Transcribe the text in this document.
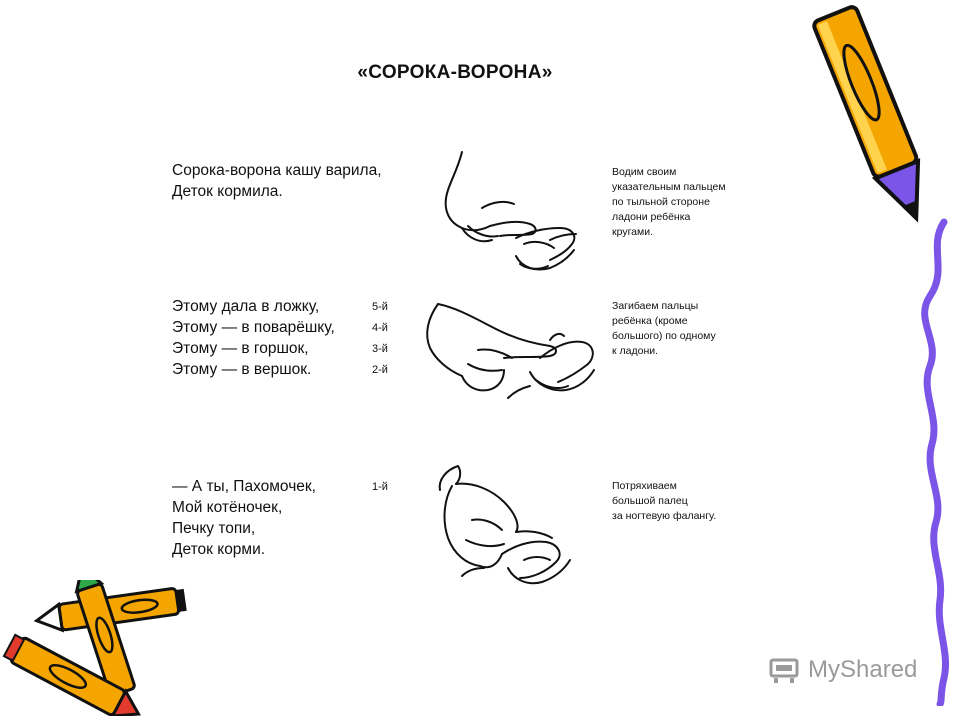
«СОРОКА-ВОРОНА»
Сорока-ворона кашу варила,
Деток кормила.
Водим своим
указательным пальцем
по тыльной стороне
ладони ребёнка
кругами.
Этому дала в ложку,
Этому — в поварёшку,
Этому — в горшок,
Этому — в вершок.
5-й
4-й
3-й
2-й
Загибаем пальцы
ребёнка (кроме
большого) по одному
к ладони.
— А ты, Пахомочек,
Мой котёночек,
Печку топи,
Деток корми.
1-й	Потряхиваем
большой палец
за ногтевую фалангу.
MyShared
